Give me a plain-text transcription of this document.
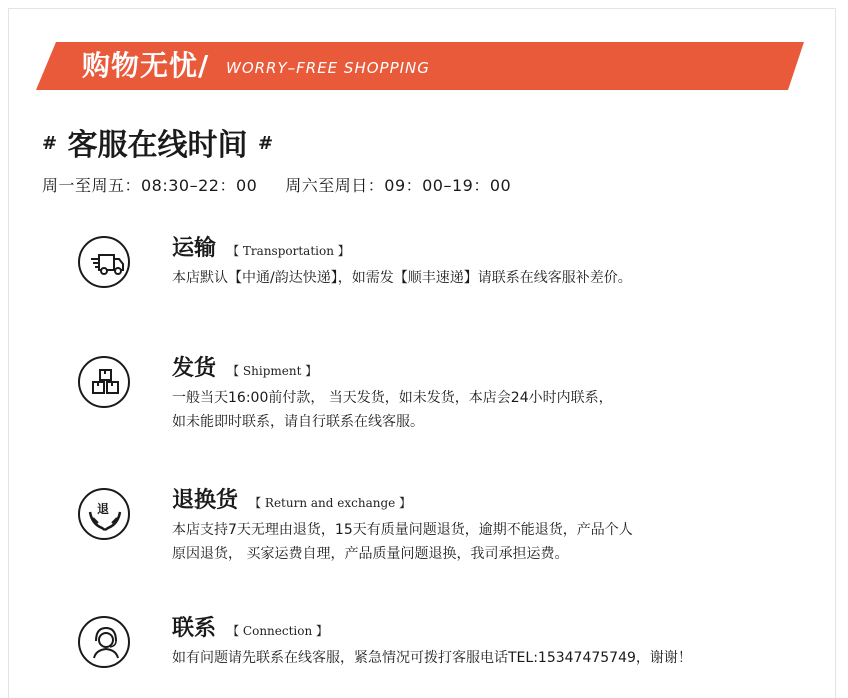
购物无忧/ WORRY–FREE SHOPPING
# 客服在线时间 #
周一至周五：08:30–22：00     周六至周日：09：00–19：00
运输 【 Transportation 】
本店默认【中通/韵达快递】，如需发【顺丰速递】请联系在线客服补差价。
发货 【 Shipment 】
一般当天16:00前付款， 当天发货，如未发货，本店会24小时内联系，
如未能即时联系，请自行联系在线客服。
退	退换货 【 Return and exchange 】
本店支持7天无理由退货，15天有质量问题退货，逾期不能退货，产品个人
原因退货， 买家运费自理，产品质量问题退换，我司承担运费。
联系 【 Connection 】
如有问题请先联系在线客服，紧急情况可拨打客服电话TEL:15347475749，谢谢！
